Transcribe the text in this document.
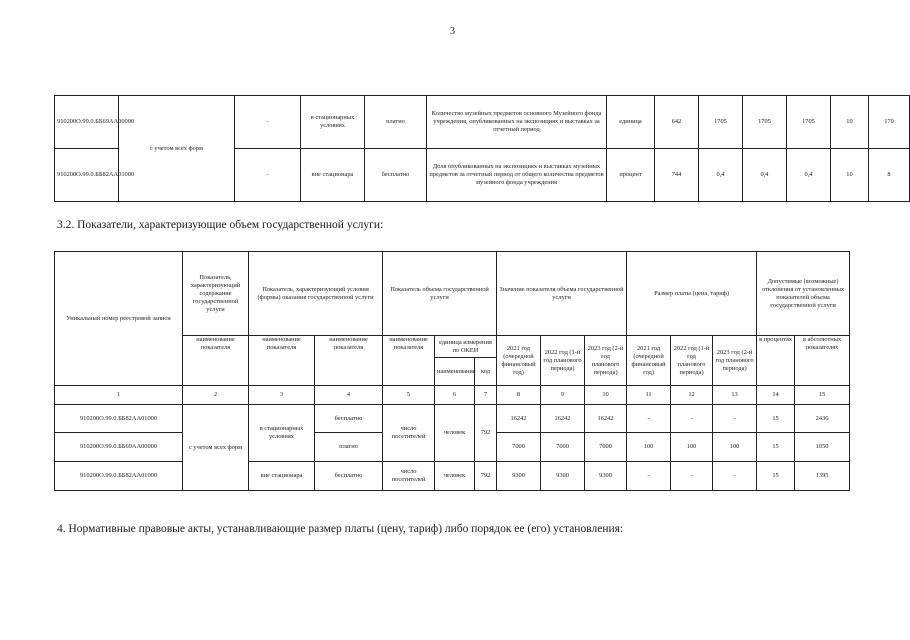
3
910200О.99.0.ББ69АА00000	с учетом всех форм	-	в стационарных условиях	платно	Количество музейных предметов основного Музейного фонда учреждения, опубликованных на экспозициях и выставках за отчетный период	единица	642	1705	1705	1705	10	170
910200О.99.0.ББ82АА01000		-	вне стационара	бесплатно	Доля опубликованных на экспозициях и выставках музейных предметов за отчетный период от общего количества предметов музейного фонда учреждения	процент	744	0,4	0,4	0,4	10	8
3.2. Показатели, характеризующие объем государственной услуги:
Уникальный номер реестровой записи	Показатель, характеризующий содержание государственной услуги	Показатель, характеризующий условия (формы) оказания государственной услуги		Показатель объема государственной услуги			Значение показателя объема государственной услуги			Размер платы (цена, тариф)			Допустимые (возможные) отклонения от установленных показателей объема государственной услуги	
	наименование показателя	наименование показателя	наименование показателя	наименование показателя	единица измерения по ОКЕИ		2021 год (очередной финансовый год)	2022 год (1-й год планового периода)	2023 год (2-й год планового периода)	2021 год (очередной финансовый год)	2022 год (1-й год планового периода)	2023 год (2-й год планового периода)	в процентах	в абсолютных показателях
					наименование	код								
1	2	3	4	5	6	7	8	9	10	11	12	13	14	15
910200О.99.0.ББ82АА01000	с учетом всех форм	в стационарных условиях	бесплатно	число посетителей	человек	792	16242	16242	16242	-	-	-	15	2436
910200О.99.0.ББ69АА00000			платно				7000	7000	7000	100	100	100	15	1050
910200О.99.0.ББ82АА01000		вне стационара	бесплатно	число посетителей	человек	792	9300	9300	9300	-	-	-	15	1395
4. Нормативные правовые акты, устанавливающие размер платы (цену, тариф) либо порядок ее (его) установления:
